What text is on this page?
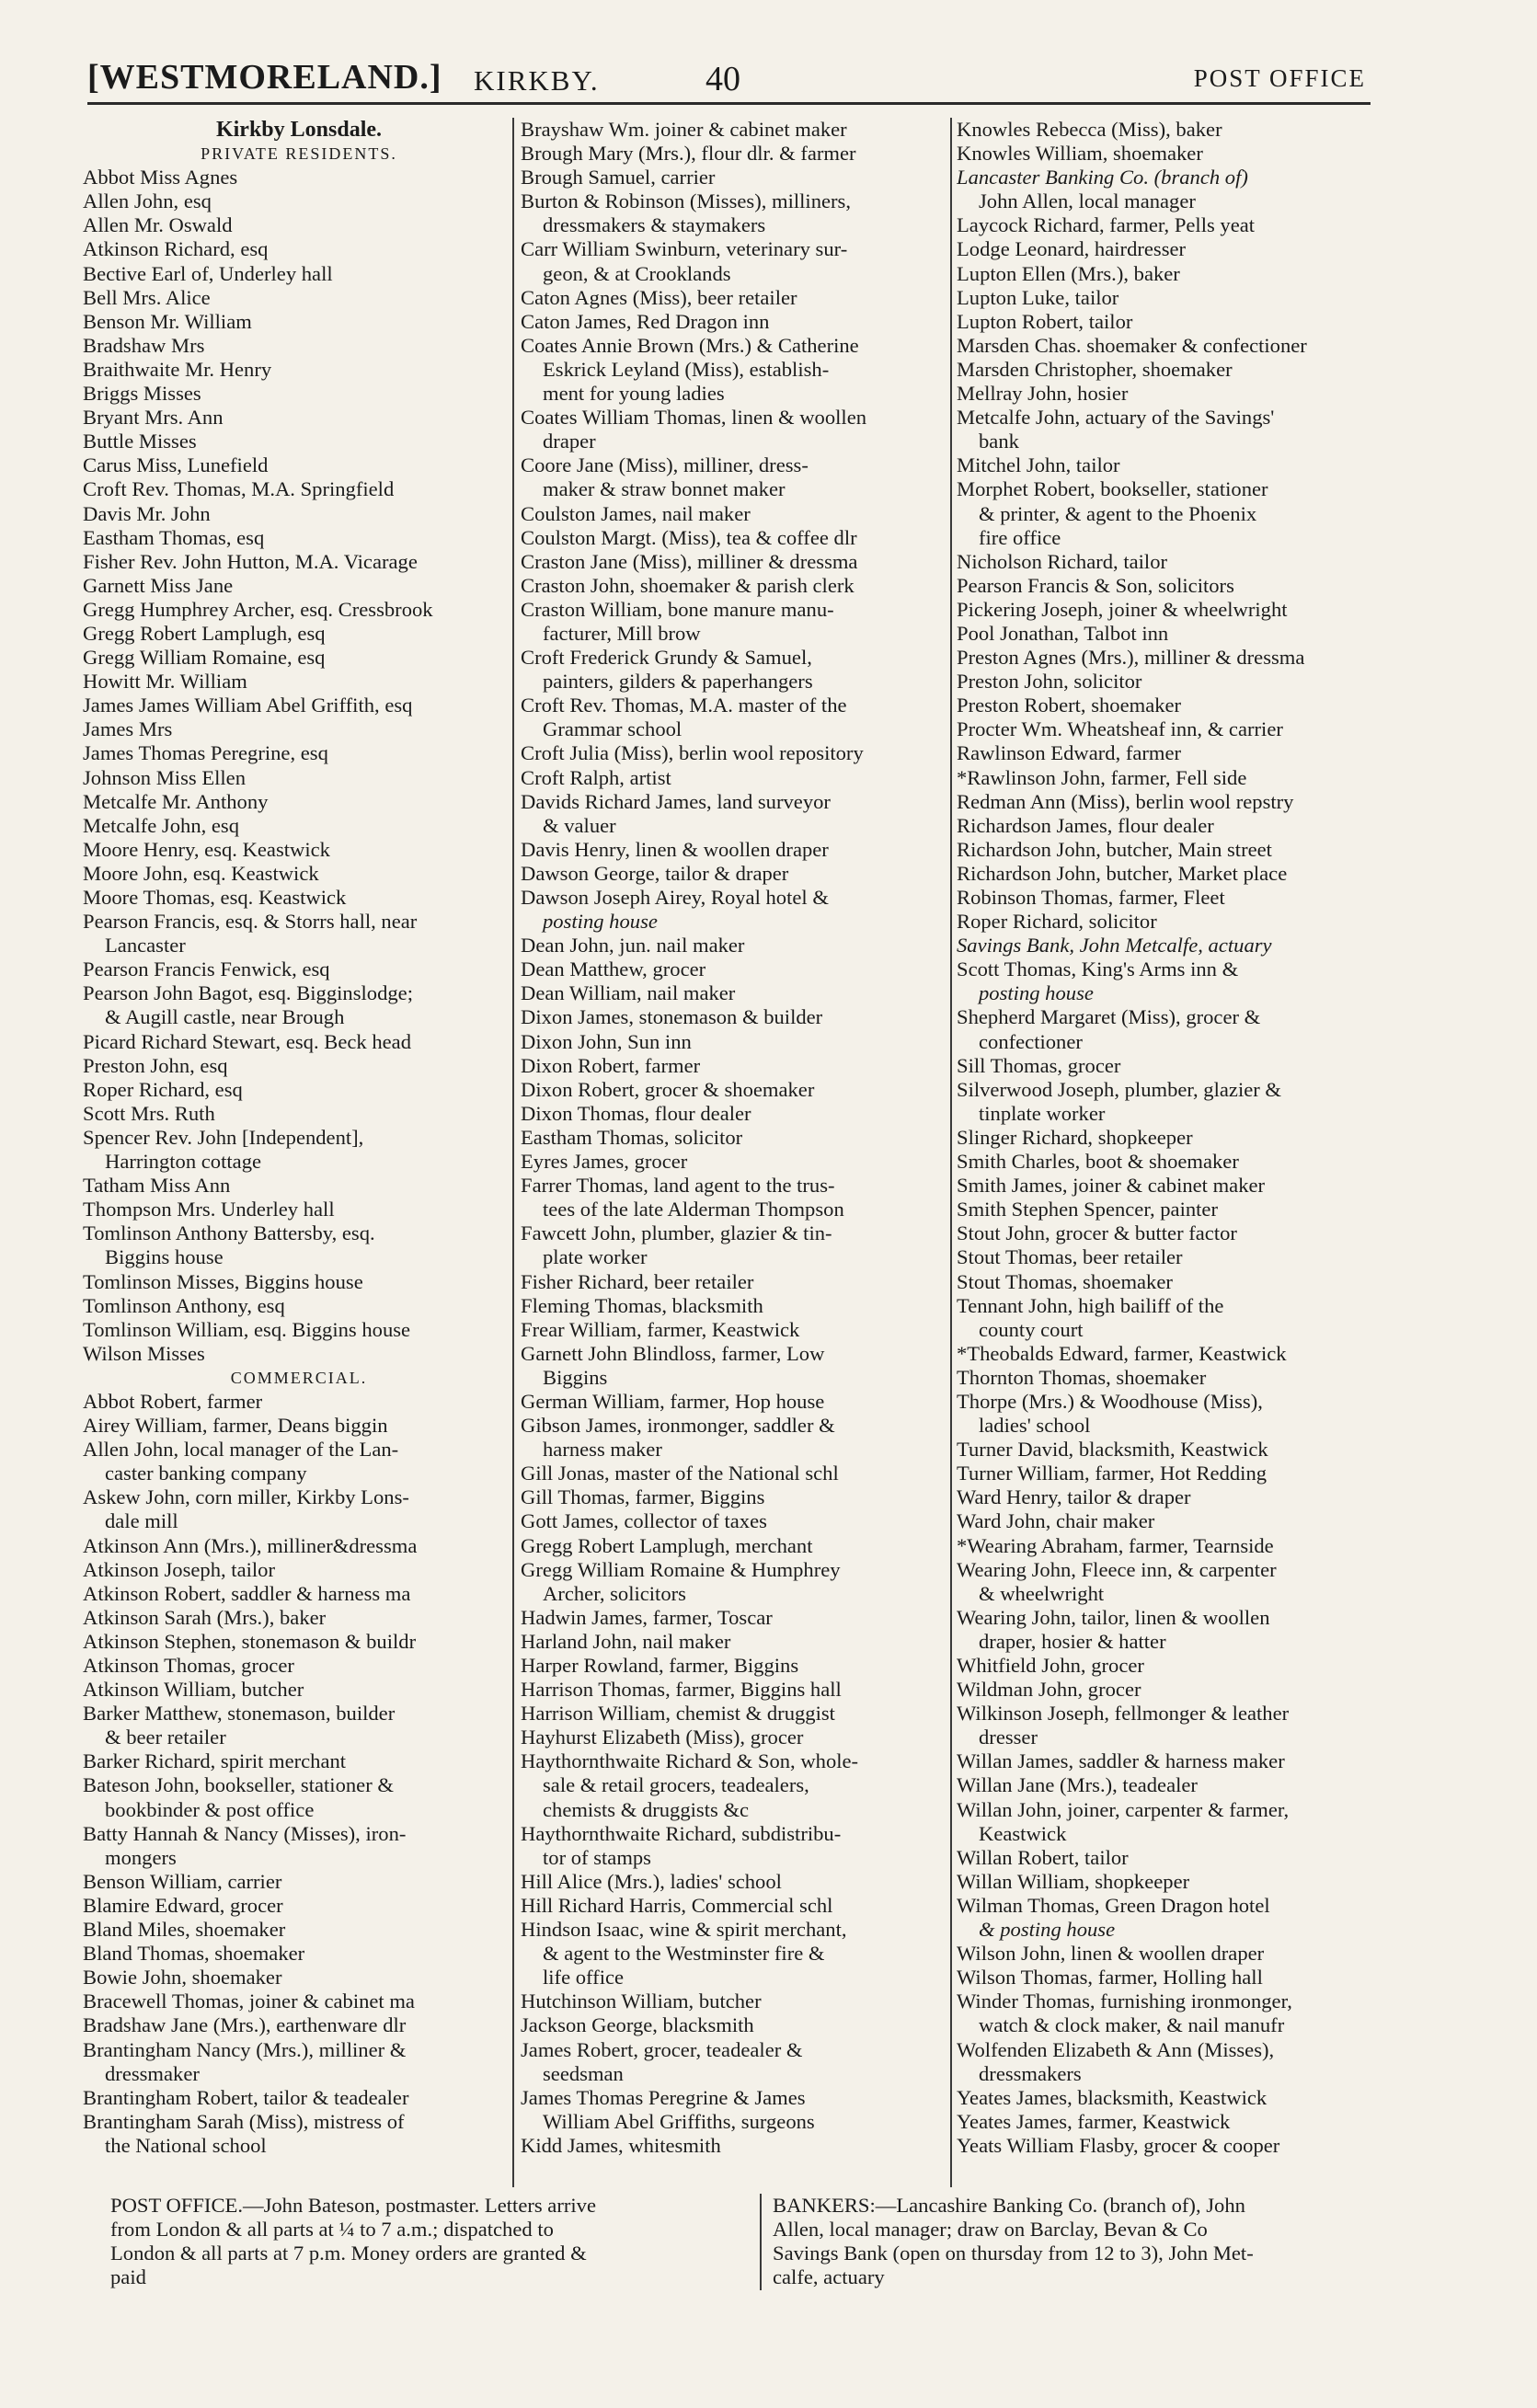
[WESTMORELAND.] KIRKBY.	40	POST OFFICE
Kirkby Lonsdale.
PRIVATE RESIDENTS.
Abbot Miss Agnes
Allen John, esq
Allen Mr. Oswald
Atkinson Richard, esq
Bective Earl of, Underley hall
Bell Mrs. Alice
Benson Mr. William
Bradshaw Mrs
Braithwaite Mr. Henry
Briggs Misses
Bryant Mrs. Ann
Buttle Misses
Carus Miss, Lunefield
Croft Rev. Thomas, M.A. Springfield
Davis Mr. John
Eastham Thomas, esq
Fisher Rev. John Hutton, M.A. Vicarage
Garnett Miss Jane
Gregg Humphrey Archer, esq. Cressbrook
Gregg Robert Lamplugh, esq
Gregg William Romaine, esq
Howitt Mr. William
James James William Abel Griffith, esq
James Mrs
James Thomas Peregrine, esq
Johnson Miss Ellen
Metcalfe Mr. Anthony
Metcalfe John, esq
Moore Henry, esq. Keastwick
Moore John, esq. Keastwick
Moore Thomas, esq. Keastwick
Pearson Francis, esq. & Storrs hall, near
Lancaster
Pearson Francis Fenwick, esq
Pearson John Bagot, esq. Bigginslodge;
& Augill castle, near Brough
Picard Richard Stewart, esq. Beck head
Preston John, esq
Roper Richard, esq
Scott Mrs. Ruth
Spencer Rev. John [Independent],
Harrington cottage
Tatham Miss Ann
Thompson Mrs. Underley hall
Tomlinson Anthony Battersby, esq.
Biggins house
Tomlinson Misses, Biggins house
Tomlinson Anthony, esq
Tomlinson William, esq. Biggins house
Wilson Misses
COMMERCIAL.
Abbot Robert, farmer
Airey William, farmer, Deans biggin
Allen John, local manager of the Lan-
caster banking company
Askew John, corn miller, Kirkby Lons-
dale mill
Atkinson Ann (Mrs.), milliner&dressma
Atkinson Joseph, tailor
Atkinson Robert, saddler & harness ma
Atkinson Sarah (Mrs.), baker
Atkinson Stephen, stonemason & buildr
Atkinson Thomas, grocer
Atkinson William, butcher
Barker Matthew, stonemason, builder
& beer retailer
Barker Richard, spirit merchant
Bateson John, bookseller, stationer &
bookbinder & post office
Batty Hannah & Nancy (Misses), iron-
mongers
Benson William, carrier
Blamire Edward, grocer
Bland Miles, shoemaker
Bland Thomas, shoemaker
Bowie John, shoemaker
Bracewell Thomas, joiner & cabinet ma
Bradshaw Jane (Mrs.), earthenware dlr
Brantingham Nancy (Mrs.), milliner &
dressmaker
Brantingham Robert, tailor & teadealer
Brantingham Sarah (Miss), mistress of
the National school
Brayshaw Wm. joiner & cabinet maker
Brough Mary (Mrs.), flour dlr. & farmer
Brough Samuel, carrier
Burton & Robinson (Misses), milliners,
dressmakers & staymakers
Carr William Swinburn, veterinary sur-
geon, & at Crooklands
Caton Agnes (Miss), beer retailer
Caton James, Red Dragon inn
Coates Annie Brown (Mrs.) & Catherine
Eskrick Leyland (Miss), establish-
ment for young ladies
Coates William Thomas, linen & woollen
draper
Coore Jane (Miss), milliner, dress-
maker & straw bonnet maker
Coulston James, nail maker
Coulston Margt. (Miss), tea & coffee dlr
Craston Jane (Miss), milliner & dressma
Craston John, shoemaker & parish clerk
Craston William, bone manure manu-
facturer, Mill brow
Croft Frederick Grundy & Samuel,
painters, gilders & paperhangers
Croft Rev. Thomas, M.A. master of the
Grammar school
Croft Julia (Miss), berlin wool repository
Croft Ralph, artist
Davids Richard James, land surveyor
& valuer
Davis Henry, linen & woollen draper
Dawson George, tailor & draper
Dawson Joseph Airey, Royal hotel &
posting house
Dean John, jun. nail maker
Dean Matthew, grocer
Dean William, nail maker
Dixon James, stonemason & builder
Dixon John, Sun inn
Dixon Robert, farmer
Dixon Robert, grocer & shoemaker
Dixon Thomas, flour dealer
Eastham Thomas, solicitor
Eyres James, grocer
Farrer Thomas, land agent to the trus-
tees of the late Alderman Thompson
Fawcett John, plumber, glazier & tin-
plate worker
Fisher Richard, beer retailer
Fleming Thomas, blacksmith
Frear William, farmer, Keastwick
Garnett John Blindloss, farmer, Low
Biggins
German William, farmer, Hop house
Gibson James, ironmonger, saddler &
harness maker
Gill Jonas, master of the National schl
Gill Thomas, farmer, Biggins
Gott James, collector of taxes
Gregg Robert Lamplugh, merchant
Gregg William Romaine & Humphrey
Archer, solicitors
Hadwin James, farmer, Toscar
Harland John, nail maker
Harper Rowland, farmer, Biggins
Harrison Thomas, farmer, Biggins hall
Harrison William, chemist & druggist
Hayhurst Elizabeth (Miss), grocer
Haythornthwaite Richard & Son, whole-
sale & retail grocers, teadealers,
chemists & druggists &c
Haythornthwaite Richard, subdistribu-
tor of stamps
Hill Alice (Mrs.), ladies' school
Hill Richard Harris, Commercial schl
Hindson Isaac, wine & spirit merchant,
& agent to the Westminster fire &
life office
Hutchinson William, butcher
Jackson George, blacksmith
James Robert, grocer, teadealer &
seedsman
James Thomas Peregrine & James
William Abel Griffiths, surgeons
Kidd James, whitesmith
Knowles Rebecca (Miss), baker
Knowles William, shoemaker
Lancaster Banking Co. (branch of)
John Allen, local manager
Laycock Richard, farmer, Pells yeat
Lodge Leonard, hairdresser
Lupton Ellen (Mrs.), baker
Lupton Luke, tailor
Lupton Robert, tailor
Marsden Chas. shoemaker & confectioner
Marsden Christopher, shoemaker
Mellray John, hosier
Metcalfe John, actuary of the Savings'
bank
Mitchel John, tailor
Morphet Robert, bookseller, stationer
& printer, & agent to the Phoenix
fire office
Nicholson Richard, tailor
Pearson Francis & Son, solicitors
Pickering Joseph, joiner & wheelwright
Pool Jonathan, Talbot inn
Preston Agnes (Mrs.), milliner & dressma
Preston John, solicitor
Preston Robert, shoemaker
Procter Wm. Wheatsheaf inn, & carrier
Rawlinson Edward, farmer
*Rawlinson John, farmer, Fell side
Redman Ann (Miss), berlin wool repstry
Richardson James, flour dealer
Richardson John, butcher, Main street
Richardson John, butcher, Market place
Robinson Thomas, farmer, Fleet
Roper Richard, solicitor
Savings Bank, John Metcalfe, actuary
Scott Thomas, King's Arms inn &
posting house
Shepherd Margaret (Miss), grocer &
confectioner
Sill Thomas, grocer
Silverwood Joseph, plumber, glazier &
tinplate worker
Slinger Richard, shopkeeper
Smith Charles, boot & shoemaker
Smith James, joiner & cabinet maker
Smith Stephen Spencer, painter
Stout John, grocer & butter factor
Stout Thomas, beer retailer
Stout Thomas, shoemaker
Tennant John, high bailiff of the
county court
*Theobalds Edward, farmer, Keastwick
Thornton Thomas, shoemaker
Thorpe (Mrs.) & Woodhouse (Miss),
ladies' school
Turner David, blacksmith, Keastwick
Turner William, farmer, Hot Redding
Ward Henry, tailor & draper
Ward John, chair maker
*Wearing Abraham, farmer, Tearnside
Wearing John, Fleece inn, & carpenter
& wheelwright
Wearing John, tailor, linen & woollen
draper, hosier & hatter
Whitfield John, grocer
Wildman John, grocer
Wilkinson Joseph, fellmonger & leather
dresser
Willan James, saddler & harness maker
Willan Jane (Mrs.), teadealer
Willan John, joiner, carpenter & farmer,
Keastwick
Willan Robert, tailor
Willan William, shopkeeper
Wilman Thomas, Green Dragon hotel
& posting house
Wilson John, linen & woollen draper
Wilson Thomas, farmer, Holling hall
Winder Thomas, furnishing ironmonger,
watch & clock maker, & nail manufr
Wolfenden Elizabeth & Ann (Misses),
dressmakers
Yeates James, blacksmith, Keastwick
Yeates James, farmer, Keastwick
Yeats William Flasby, grocer & cooper
POST OFFICE.—John Bateson, postmaster. Letters arrive
from London & all parts at ¼ to 7 a.m.; dispatched to
London & all parts at 7 p.m. Money orders are granted &
paid
BANKERS:—Lancashire Banking Co. (branch of), John
Allen, local manager; draw on Barclay, Bevan & Co
Savings Bank (open on thursday from 12 to 3), John Met-
calfe, actuary
